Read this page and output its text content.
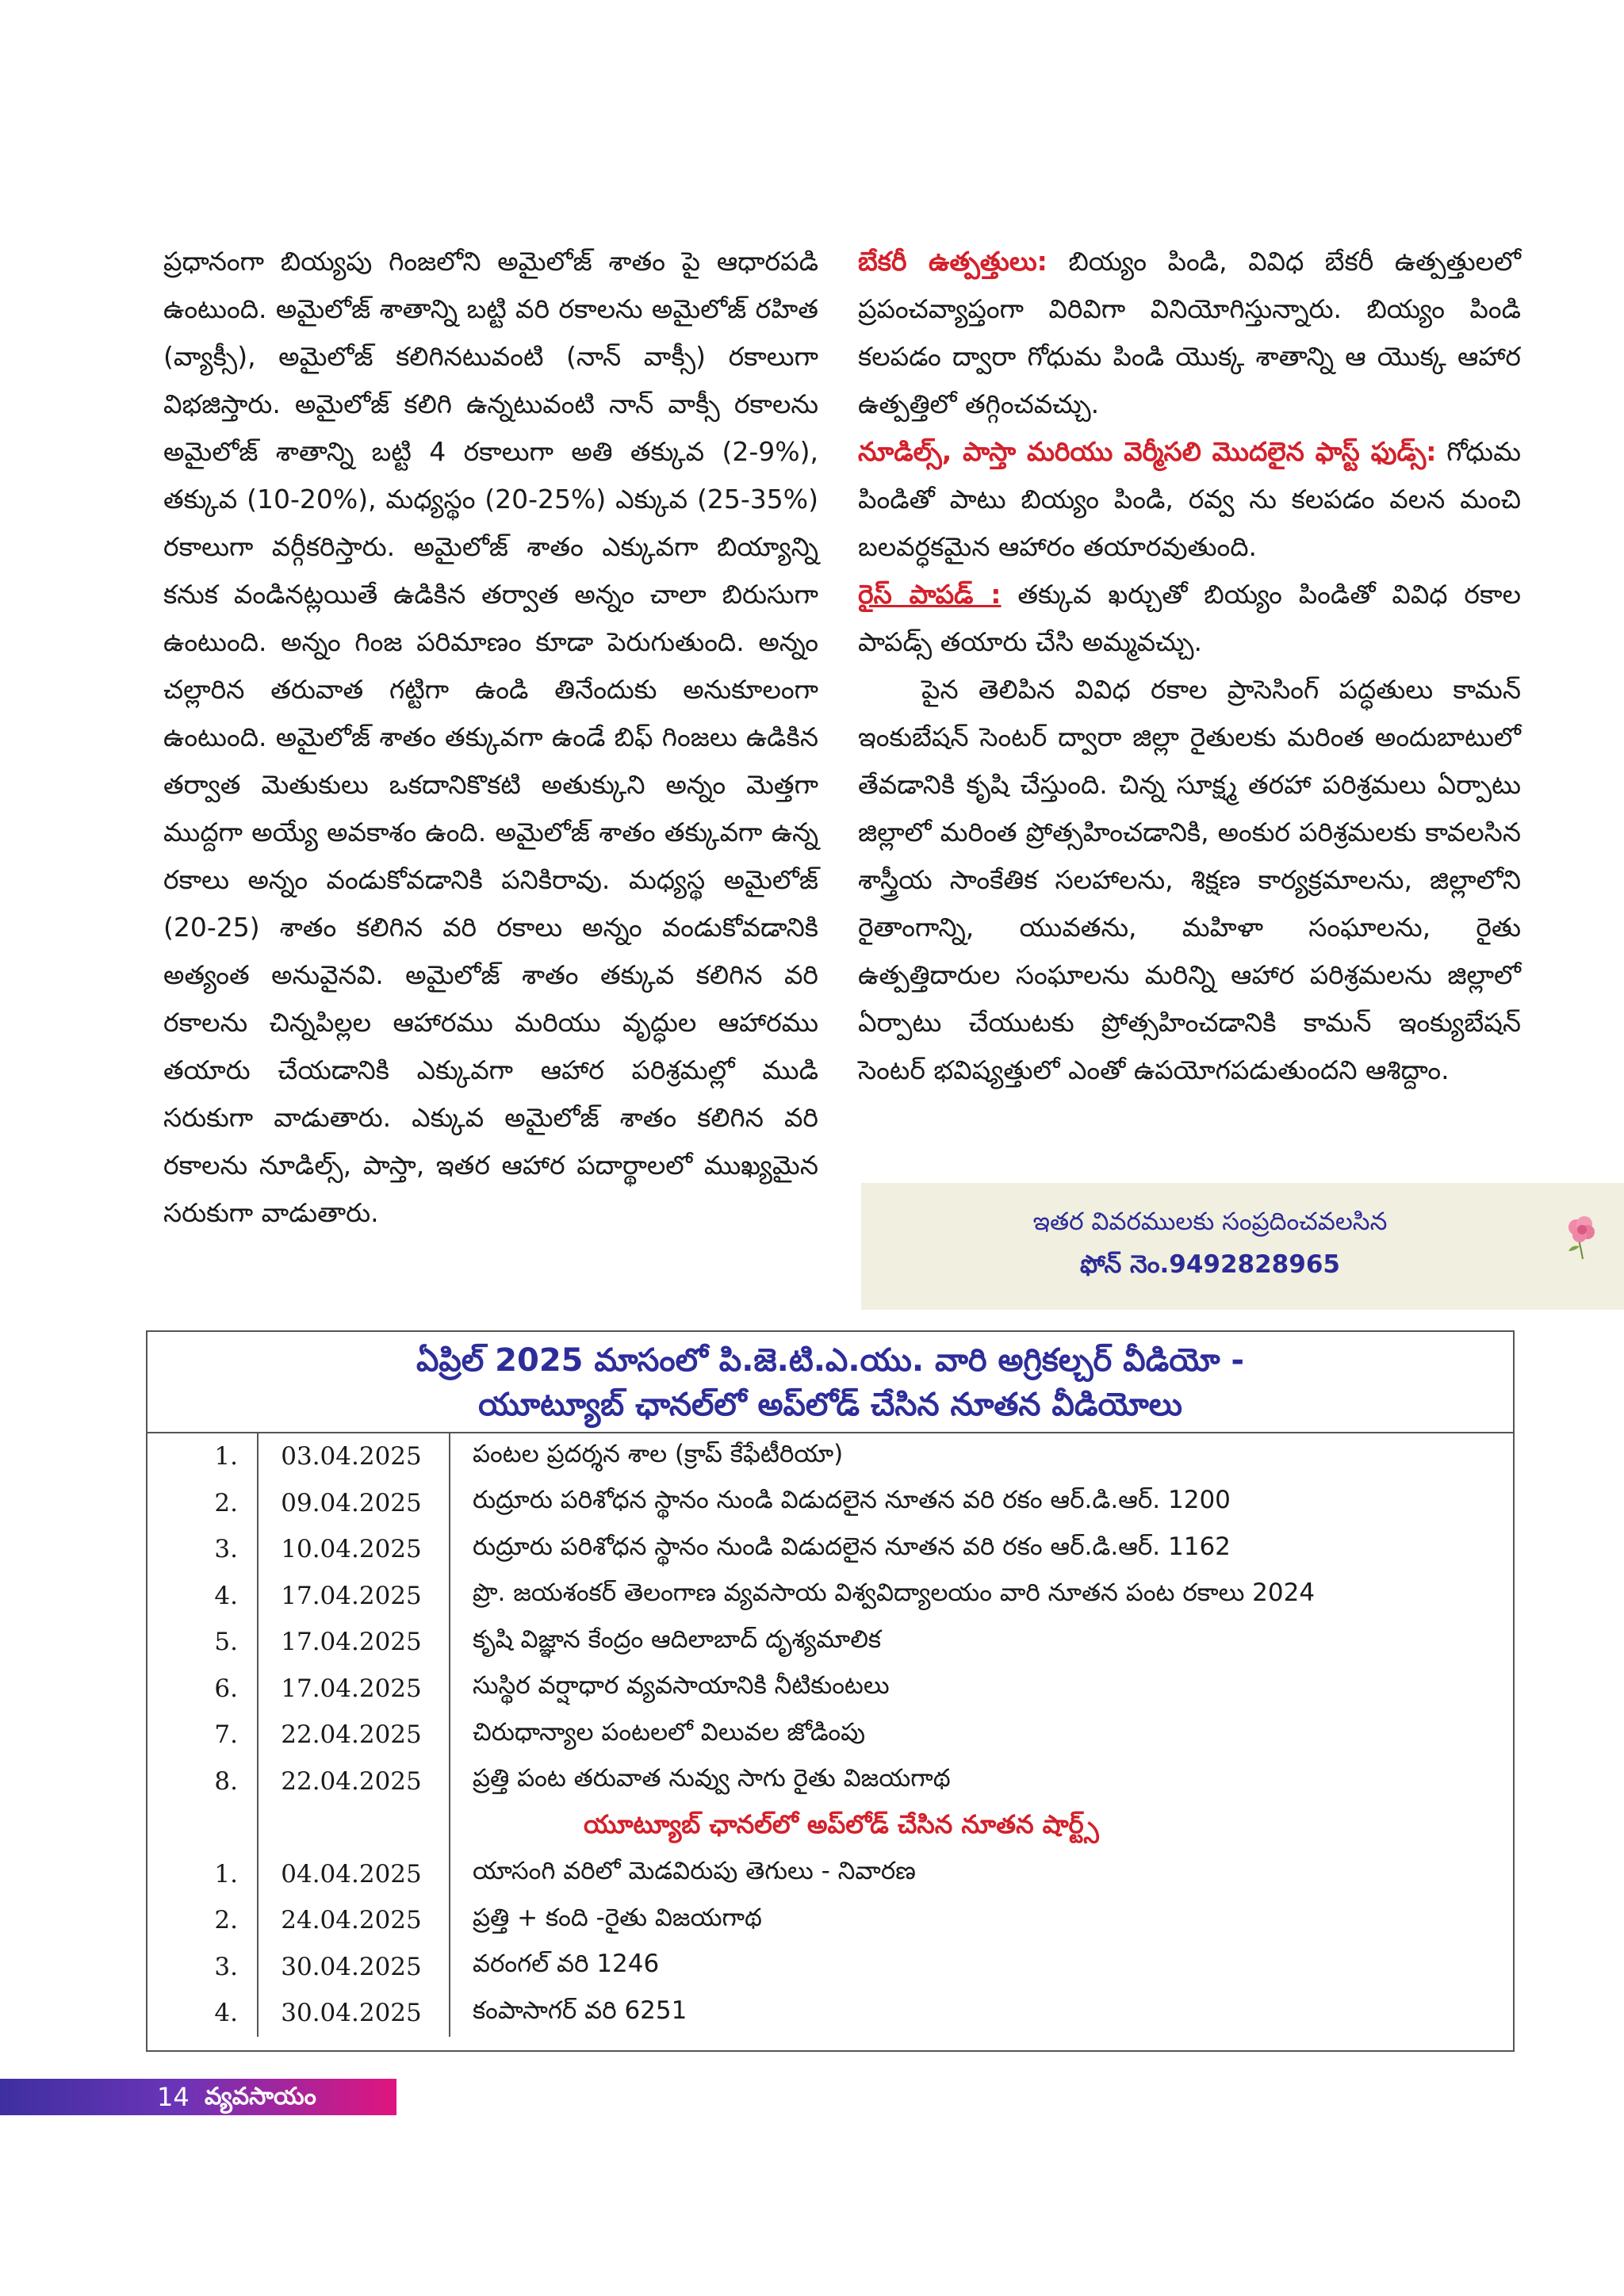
ప్రధానంగా బియ్యపు గింజలోని అమైలోజ్ శాతం పై ఆధారపడి ఉంటుంది. అమైలోజ్ శాతాన్ని బట్టి వరి రకాలను అమైలోజ్ రహిత (వ్యాక్సీ), అమైలోజ్ కలిగినటువంటి (నాన్ వాక్సీ) రకాలుగా విభజిస్తారు. అమైలోజ్ కలిగి ఉన్నటువంటి నాన్ వాక్సీ రకాలను అమైలోజ్ శాతాన్ని బట్టి 4 రకాలుగా అతి తక్కువ (2-9%), తక్కువ (10-20%), మధ్యస్థం (20-25%) ఎక్కువ (25-35%) రకాలుగా వర్గీకరిస్తారు. అమైలోజ్ శాతం ఎక్కువగా బియ్యాన్ని కనుక వండినట్లయితే ఉడికిన తర్వాత అన్నం చాలా బిరుసుగా ఉంటుంది. అన్నం గింజ పరిమాణం కూడా పెరుగుతుంది. అన్నం చల్లారిన తరువాత గట్టిగా ఉండి తినేందుకు అనుకూలంగా ఉంటుంది. అమైలోజ్ శాతం తక్కువగా ఉండే బిఫ్ గింజలు ఉడికిన తర్వాత మెతుకులు ఒకదానికొకటి అతుక్కుని అన్నం మెత్తగా ముద్దగా అయ్యే అవకాశం ఉంది. అమైలోజ్ శాతం తక్కువగా ఉన్న రకాలు అన్నం వండుకోవడానికి పనికిరావు. మధ్యస్థ అమైలోజ్ (20-25) శాతం కలిగిన వరి రకాలు అన్నం వండుకోవడానికి అత్యంత అనువైనవి. అమైలోజ్ శాతం తక్కువ కలిగిన వరి రకాలను చిన్నపిల్లల ఆహారము మరియు వృద్ధుల ఆహారము తయారు చేయడానికి ఎక్కువగా ఆహార పరిశ్రమల్లో ముడి సరుకుగా వాడుతారు. ఎక్కువ అమైలోజ్ శాతం కలిగిన వరి రకాలను నూడిల్స్, పాస్తా, ఇతర ఆహార పదార్థాలలో ముఖ్యమైన సరుకుగా వాడుతారు.

బేకరీ ఉత్పత్తులు: బియ్యం పిండి, వివిధ బేకరీ ఉత్పత్తులలో ప్రపంచవ్యాప్తంగా విరివిగా వినియోగిస్తున్నారు. బియ్యం పిండి కలపడం ద్వారా గోధుమ పిండి యొక్క శాతాన్ని ఆ యొక్క ఆహార ఉత్పత్తిలో తగ్గించవచ్చు.

నూడిల్స్, పాస్తా మరియు వెర్మీసలి మొదలైన ఫాస్ట్ ఫుడ్స్: గోధుమ పిండితో పాటు బియ్యం పిండి, రవ్వ ను కలపడం వలన మంచి బలవర్ధకమైన ఆహారం తయారవుతుంది.

రైస్ పాపడ్ : తక్కువ ఖర్చుతో బియ్యం పిండితో వివిధ రకాల పాపడ్స్ తయారు చేసి అమ్మవచ్చు.

పైన తెలిపిన వివిధ రకాల ప్రాసెసింగ్ పద్ధతులు కామన్ ఇంకుబేషన్ సెంటర్ ద్వారా జిల్లా రైతులకు మరింత అందుబాటులో తేవడానికి కృషి చేస్తుంది. చిన్న సూక్ష్మ తరహా పరిశ్రమలు ఏర్పాటు జిల్లాలో మరింత ప్రోత్సహించడానికి, అంకుర పరిశ్రమలకు కావలసిన శాస్త్రీయ సాంకేతిక సలహాలను, శిక్షణ కార్యక్రమాలను, జిల్లాలోని రైతాంగాన్ని, యువతను, మహిళా సంఘాలను, రైతు ఉత్పత్తిదారుల సంఘాలను మరిన్ని ఆహార పరిశ్రమలను జిల్లాలో ఏర్పాటు చేయుటకు ప్రోత్సహించడానికి కామన్ ఇంక్యుబేషన్ సెంటర్ భవిష్యత్తులో ఎంతో ఉపయోగపడుతుందని ఆశిద్దాం.

ఇతర వివరములకు సంప్రదించవలసిన
ఫోన్ నెం.9492828965
ఏప్రిల్ 2025 మాసంలో పి.జె.టి.ఎ.యు. వారి అగ్రికల్చర్ వీడియో -
యూట్యూబ్ ఛానల్‌లో అప్‌లోడ్ చేసిన నూతన వీడియోలు
1.	03.04.2025	పంటల ప్రదర్శన శాల (క్రాప్ కేఫేటీరియా)
2.	09.04.2025	రుద్రూరు పరిశోధన స్థానం నుండి విడుదలైన నూతన వరి రకం ఆర్.డి.ఆర్. 1200
3.	10.04.2025	రుద్రూరు పరిశోధన స్థానం నుండి విడుదలైన నూతన వరి రకం ఆర్.డి.ఆర్. 1162
4.	17.04.2025	ప్రొ. జయశంకర్ తెలంగాణ వ్యవసాయ విశ్వవిద్యాలయం వారి నూతన పంట రకాలు 2024
5.	17.04.2025	కృషి విజ్ఞాన కేంద్రం ఆదిలాబాద్ దృశ్యమాలిక
6.	17.04.2025	సుస్థిర వర్షాధార వ్యవసాయానికి నీటికుంటలు
7.	22.04.2025	చిరుధాన్యాల పంటలలో విలువల జోడింపు
8.	22.04.2025	ప్రత్తి పంట తరువాత నువ్వు సాగు రైతు విజయగాథ
యూట్యూబ్ ఛానల్‌లో అప్‌లోడ్ చేసిన నూతన షార్ట్స్
1.	04.04.2025	యాసంగి వరిలో మెడవిరుపు తెగులు - నివారణ
2.	24.04.2025	ప్రత్తి + కంది -రైతు విజయగాథ
3.	30.04.2025	వరంగల్ వరి 1246
4.	30.04.2025	కంపాసాగర్ వరి 6251
14 వ్యవసాయం
